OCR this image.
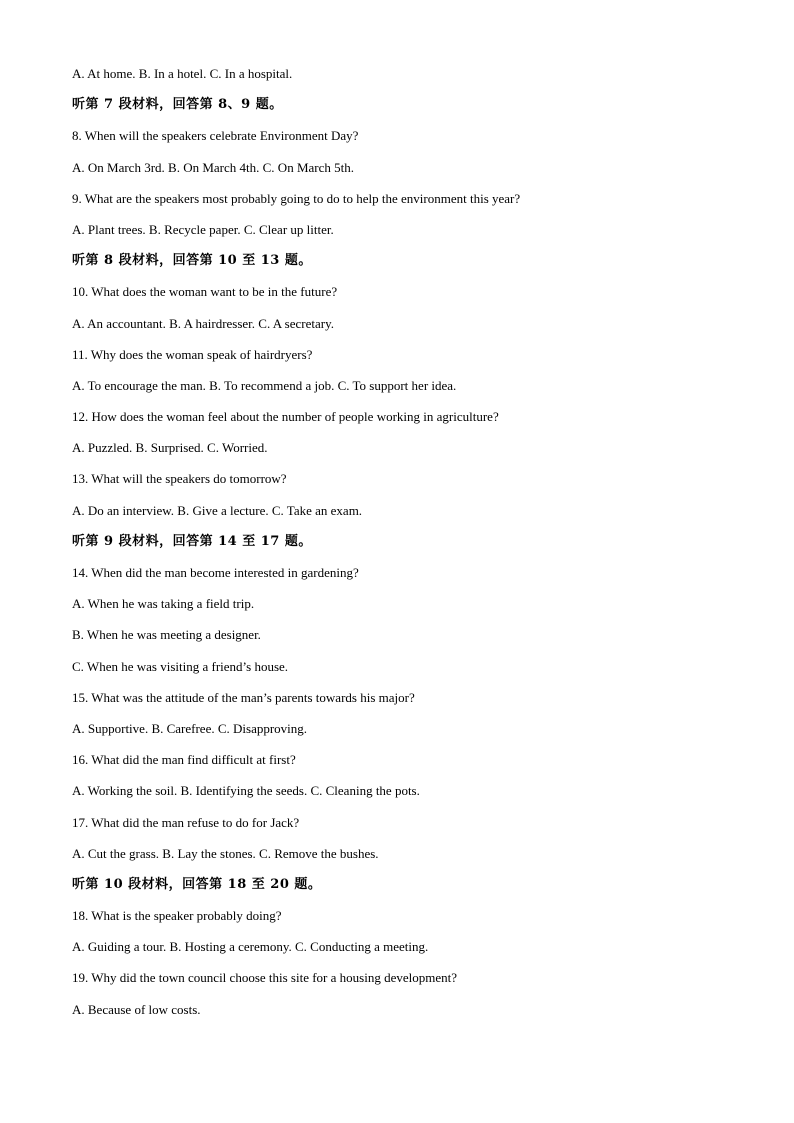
A. At home. B. In a hotel. C. In a hospital.
听第 7 段材料，回答第 8、9 题。
8. When will the speakers celebrate Environment Day?
A. On March 3rd. B. On March 4th. C. On March 5th.
9. What are the speakers most probably going to do to help the environment this year?
A. Plant trees. B. Recycle paper. C. Clear up litter.
听第 8 段材料，回答第 10 至 13 题。
10. What does the woman want to be in the future?
A. An accountant. B. A hairdresser. C. A secretary.
11. Why does the woman speak of hairdryers?
A. To encourage the man. B. To recommend a job. C. To support her idea.
12. How does the woman feel about the number of people working in agriculture?
A. Puzzled. B. Surprised. C. Worried.
13. What will the speakers do tomorrow?
A. Do an interview. B. Give a lecture. C. Take an exam.
听第 9 段材料，回答第 14 至 17 题。
14. When did the man become interested in gardening?
A. When he was taking a field trip.
B. When he was meeting a designer.
C. When he was visiting a friend’s house.
15. What was the attitude of the man’s parents towards his major?
A. Supportive. B. Carefree. C. Disapproving.
16. What did the man find difficult at first?
A. Working the soil. B. Identifying the seeds. C. Cleaning the pots.
17. What did the man refuse to do for Jack?
A. Cut the grass. B. Lay the stones. C. Remove the bushes.
听第 10 段材料，回答第 18 至 20 题。
18. What is the speaker probably doing?
A. Guiding a tour. B. Hosting a ceremony. C. Conducting a meeting.
19. Why did the town council choose this site for a housing development?
A. Because of low costs.
